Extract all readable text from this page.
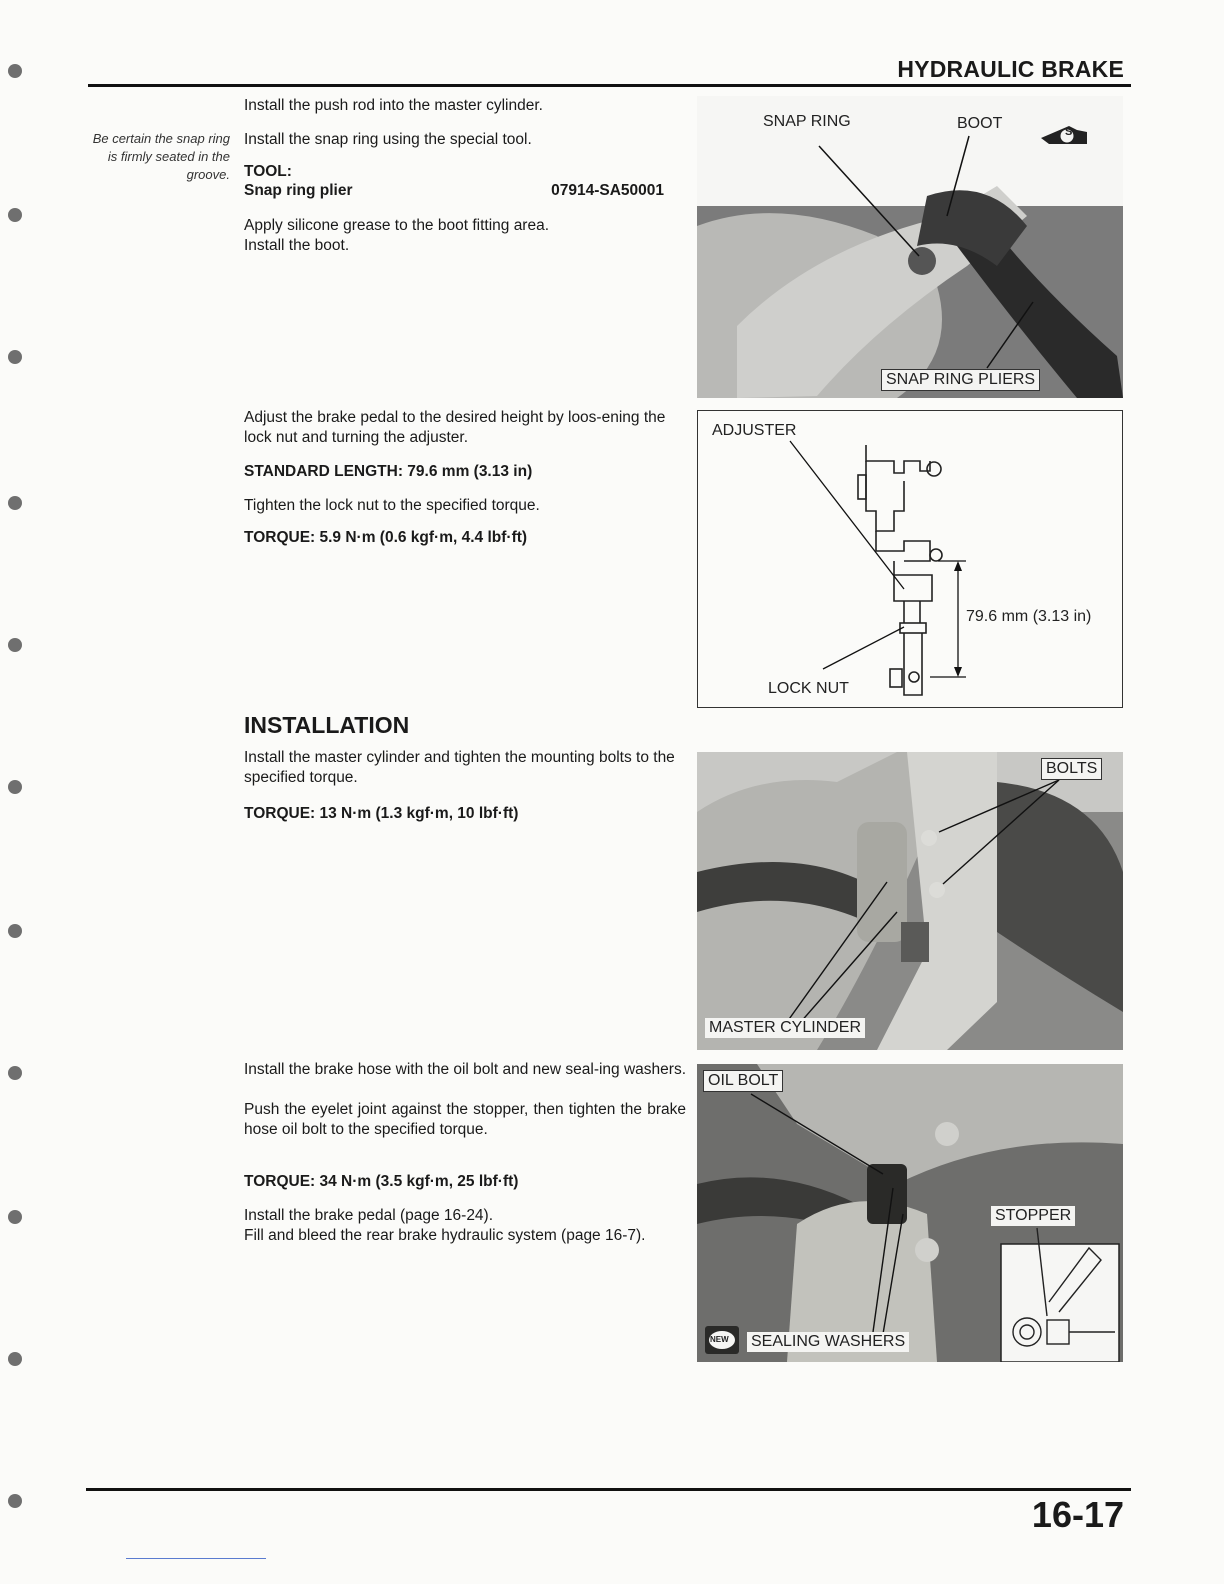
HYDRAULIC BRAKE
Be certain the snap ring is firmly seated in the groove.
Install the push rod into the master cylinder.
Install the snap ring using the special tool.
TOOL:
Snap ring plier	07914-SA50001
Apply silicone grease to the boot fitting area.
Install the boot.
Adjust the brake pedal to the desired height by loos-ening the lock nut and turning the adjuster.
STANDARD LENGTH: 79.6 mm (3.13 in)
Tighten the lock nut to the specified torque.
TORQUE: 5.9 N·m (0.6 kgf·m, 4.4 lbf·ft)
INSTALLATION
Install the master cylinder and tighten the mounting bolts to the specified torque.
TORQUE: 13 N·m (1.3 kgf·m, 10 lbf·ft)
Install the brake hose with the oil bolt and new seal-ing washers.
Push the eyelet joint against the stopper, then tighten the brake hose oil bolt to the specified torque.
TORQUE: 34 N·m (3.5 kgf·m, 25 lbf·ft)
Install the brake pedal (page 16-24).
Fill and bleed the rear brake hydraulic system (page 16-7).
SNAP RING	BOOT	S
SNAP RING PLIERS
ADJUSTER
79.6 mm (3.13 in)
LOCK NUT
BOLTS
MASTER CYLINDER
OIL BOLT
STOPPER
NEW SEALING WASHERS
16-17
